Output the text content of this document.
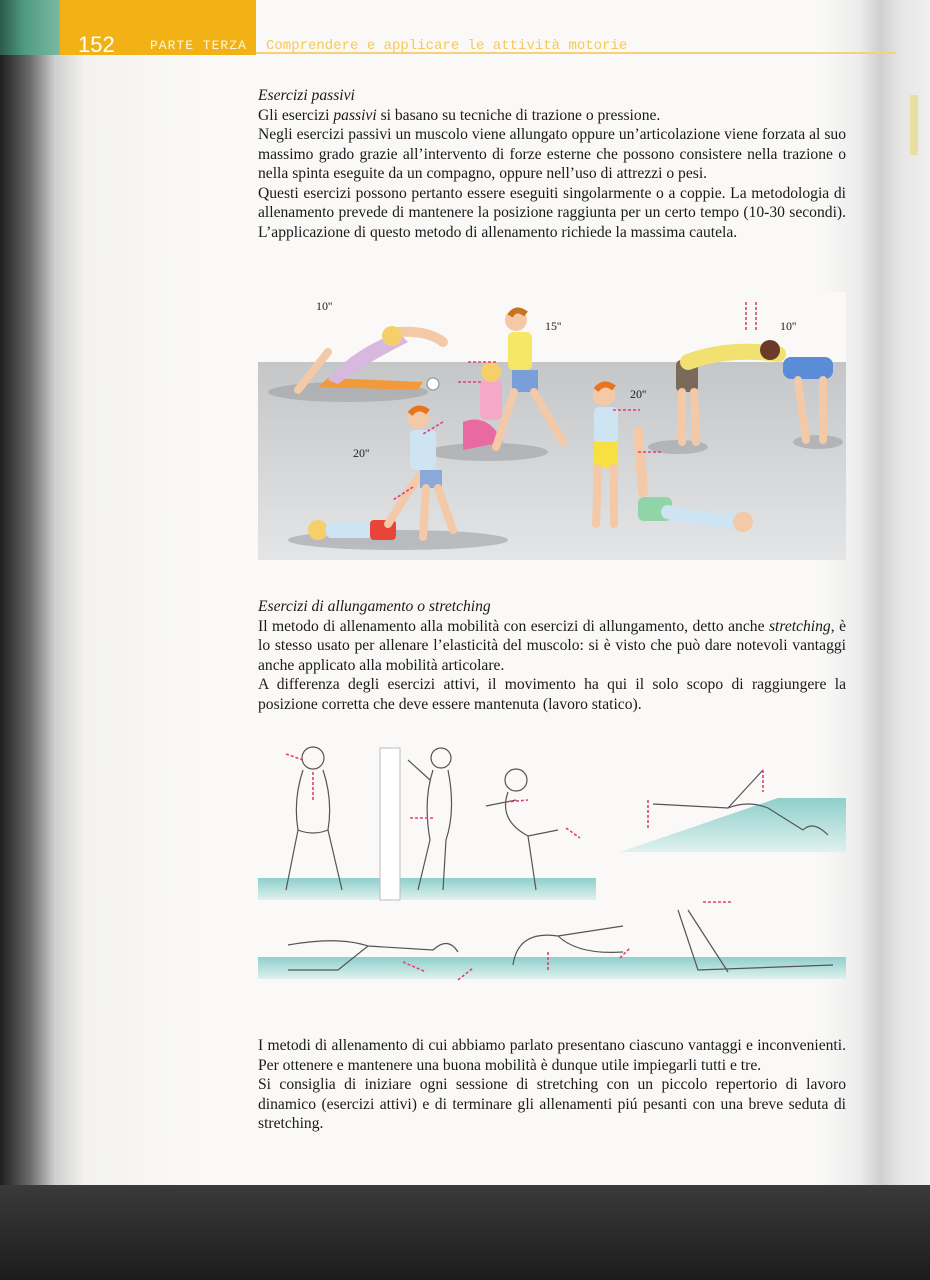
152	PARTE TERZA Comprendere e applicare le attività motorie
Esercizi passivi
Gli esercizi passivi si basano su tecniche di trazione o pressione.
Negli esercizi passivi un muscolo viene allungato oppure un’articolazione viene forzata al suo massimo grado grazie all’intervento di forze esterne che possono consistere nella trazione o nella spinta eseguite da un compagno, oppure nell’uso di attrezzi o pesi.
Questi esercizi possono pertanto essere eseguiti singolarmente o a coppie. La metodologia di allenamento prevede di mantenere la posizione raggiunta per un certo tempo (10-30 secondi). L’applicazione di questo metodo di allenamento richiede la massima cautela.
10''
15''	10''
20''
20''
Esercizi di allungamento o stretching
Il metodo di allenamento alla mobilità con esercizi di allungamento, detto anche stretching, è lo stesso usato per allenare l’elasticità del muscolo: si è visto che può dare notevoli vantaggi anche applicato alla mobilità articolare.
A differenza degli esercizi attivi, il movimento ha qui il solo scopo di raggiungere la posizione corretta che deve essere mantenuta (lavoro statico).
I metodi di allenamento di cui abbiamo parlato presentano ciascuno vantaggi e inconvenienti. Per ottenere e mantenere una buona mobilità è dunque utile impiegarli tutti e tre.
Si consiglia di iniziare ogni sessione di stretching con un piccolo repertorio di lavoro dinamico (esercizi attivi) e di terminare gli allenamenti piú pesanti con una breve seduta di stretching.
